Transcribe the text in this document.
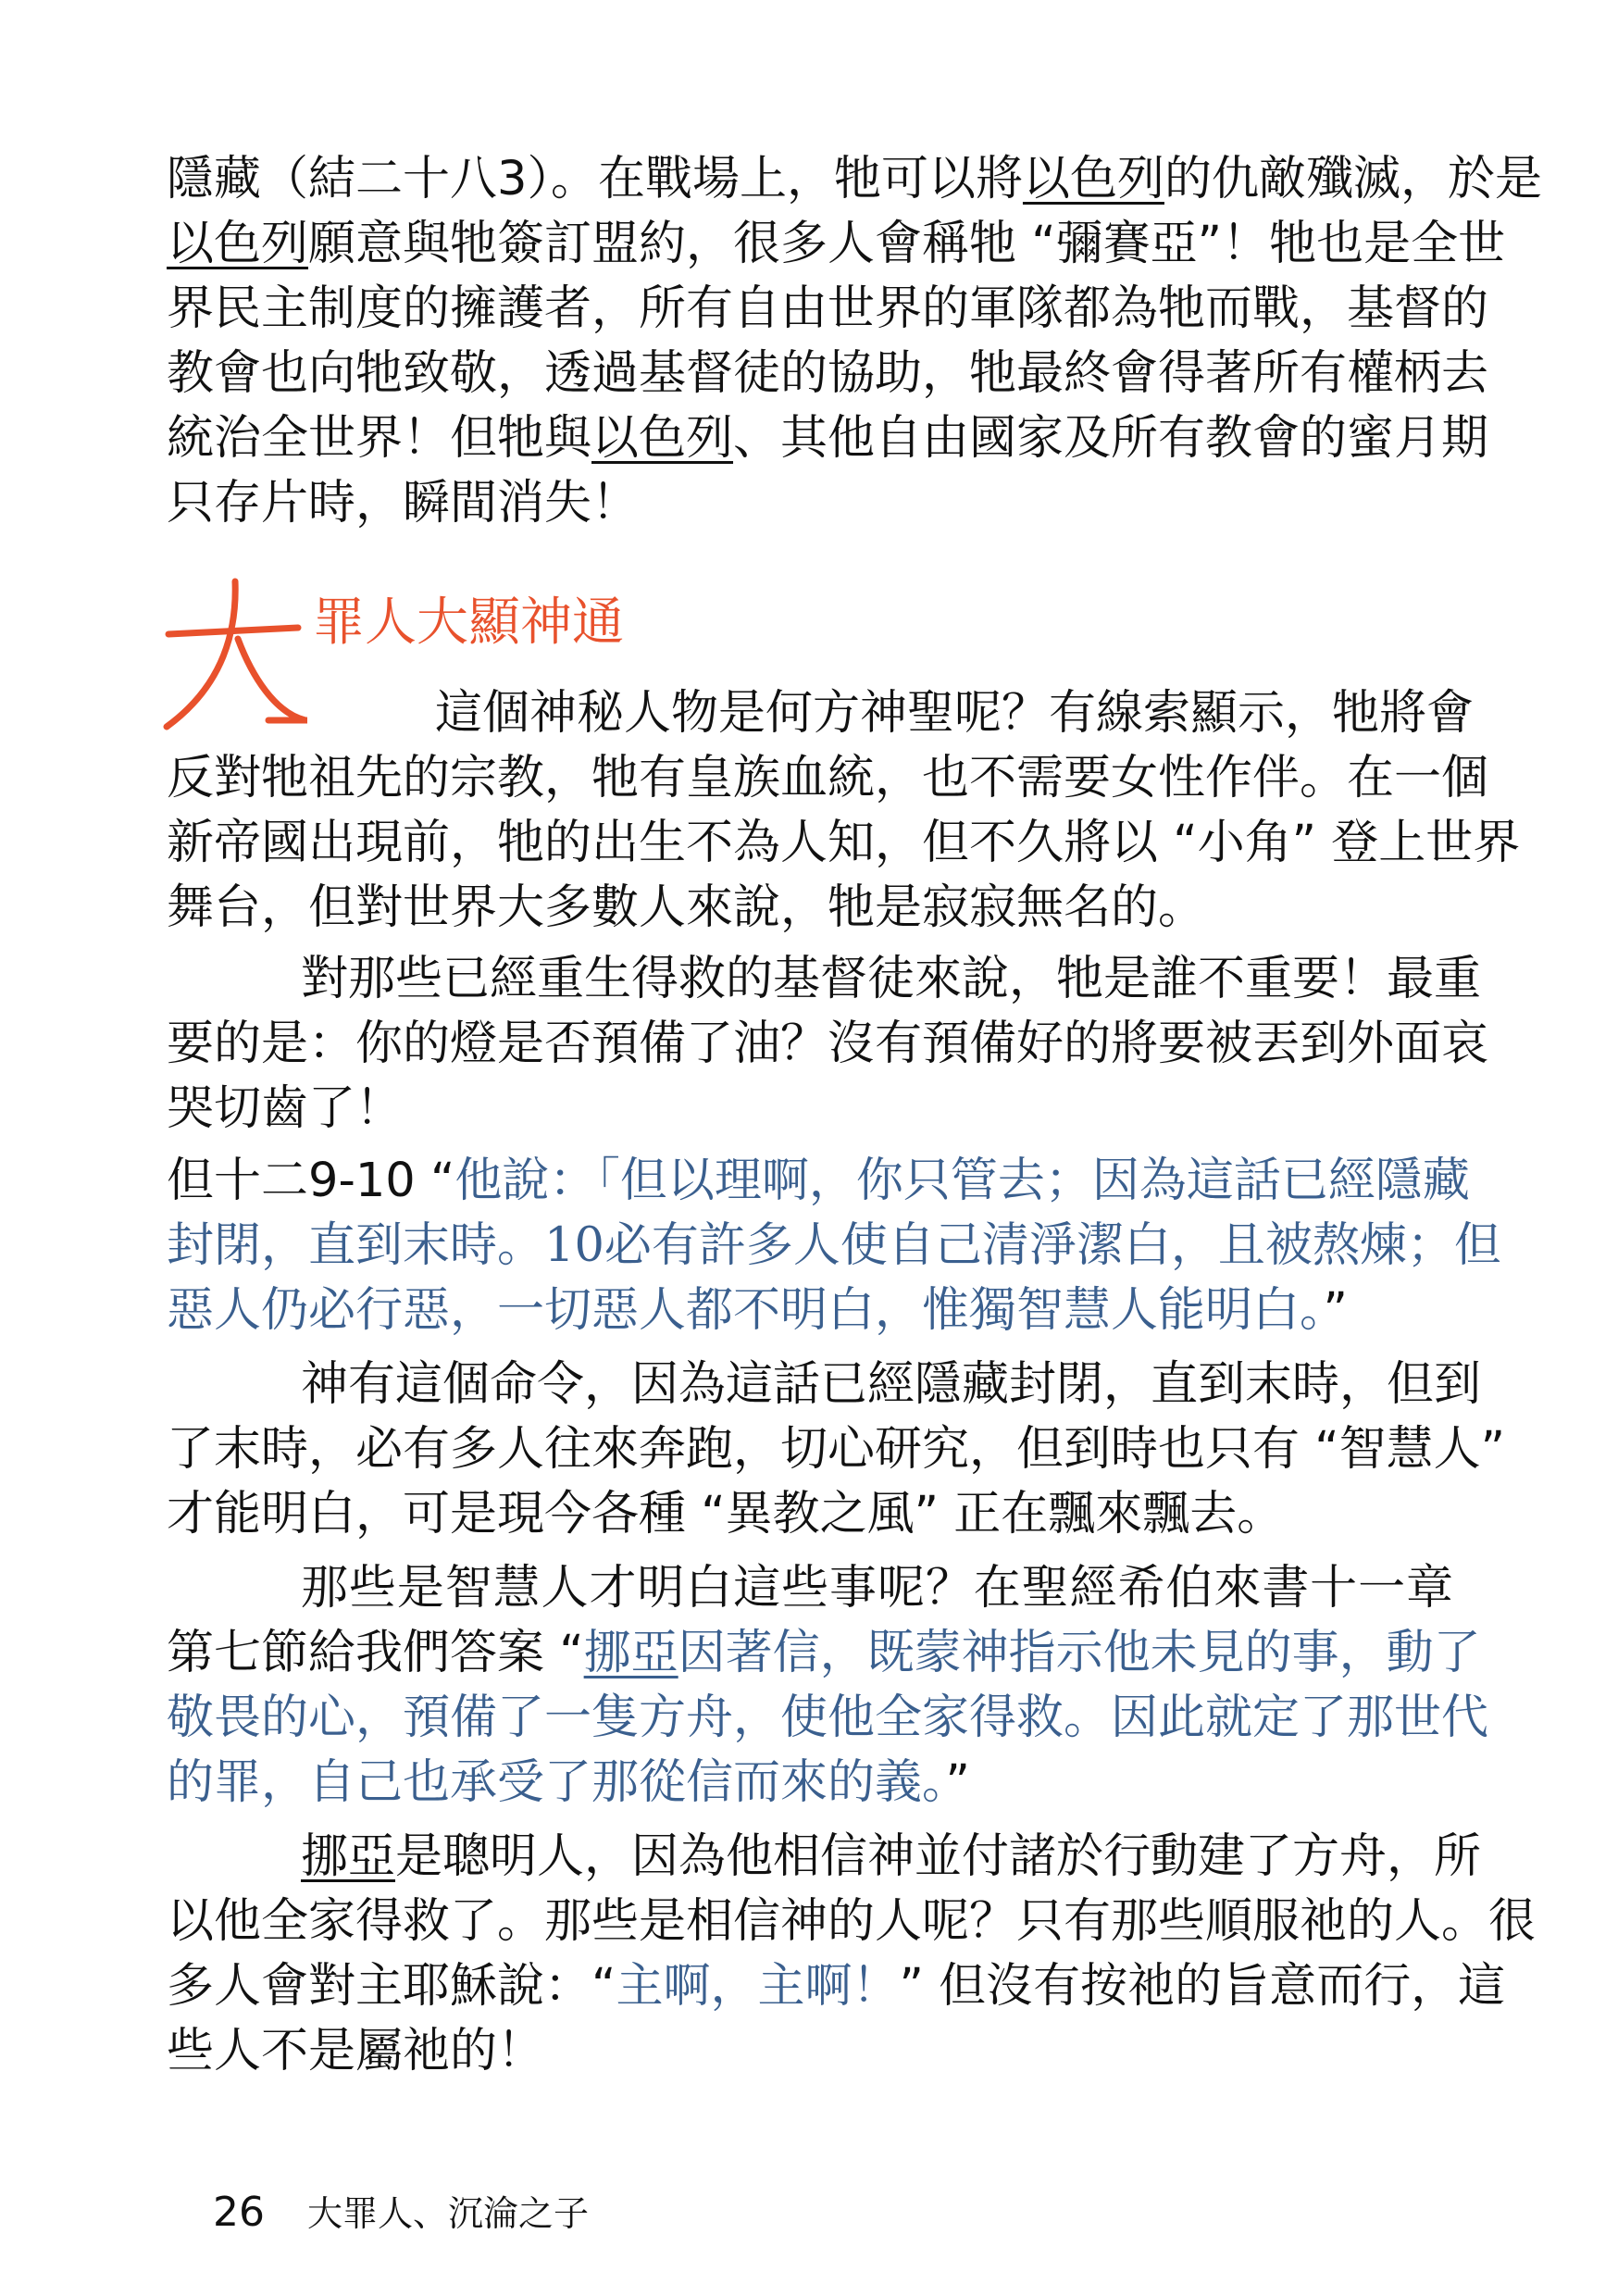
隱藏（結二十八3）。在戰場上，牠可以將以色列的仇敵殲滅，於是
以色列願意與牠簽訂盟約，很多人會稱牠 “彌賽亞”！牠也是全世
界民主制度的擁護者，所有自由世界的軍隊都為牠而戰，基督的
教會也向牠致敬，透過基督徒的協助，牠最終會得著所有權柄去
統治全世界！但牠與以色列、其他自由國家及所有教會的蜜月期
只存片時，瞬間消失！
罪人大顯神通
這個神秘人物是何方神聖呢？有線索顯示，牠將會
反對牠祖先的宗教，牠有皇族血統，也不需要女性作伴。在一個
新帝國出現前，牠的出生不為人知，但不久將以 “小角” 登上世界
舞台，但對世界大多數人來說，牠是寂寂無名的。
對那些已經重生得救的基督徒來說，牠是誰不重要！最重
要的是：你的燈是否預備了油？沒有預備好的將要被丟到外面哀
哭切齒了！
但十二9-10 “他說：「但以理啊，你只管去；因為這話已經隱藏
封閉，直到末時。10必有許多人使自己清淨潔白，且被熬煉；但
惡人仍必行惡，一切惡人都不明白，惟獨智慧人能明白。”
神有這個命令，因為這話已經隱藏封閉，直到末時，但到
了末時，必有多人往來奔跑，切心研究，但到時也只有 “智慧人”
才能明白，可是現今各種 “異教之風” 正在飄來飄去。
那些是智慧人才明白這些事呢？在聖經希伯來書十一章
第七節給我們答案 “挪亞因著信，既蒙神指示他未見的事，動了
敬畏的心，預備了一隻方舟，使他全家得救。因此就定了那世代
的罪，自己也承受了那從信而來的義。”
挪亞是聰明人，因為他相信神並付諸於行動建了方舟，所
以他全家得救了。那些是相信神的人呢？只有那些順服祂的人。很
多人會對主耶穌說：“主啊，主啊！” 但沒有按祂的旨意而行，這
些人不是屬祂的！
26 大罪人、沉淪之子
